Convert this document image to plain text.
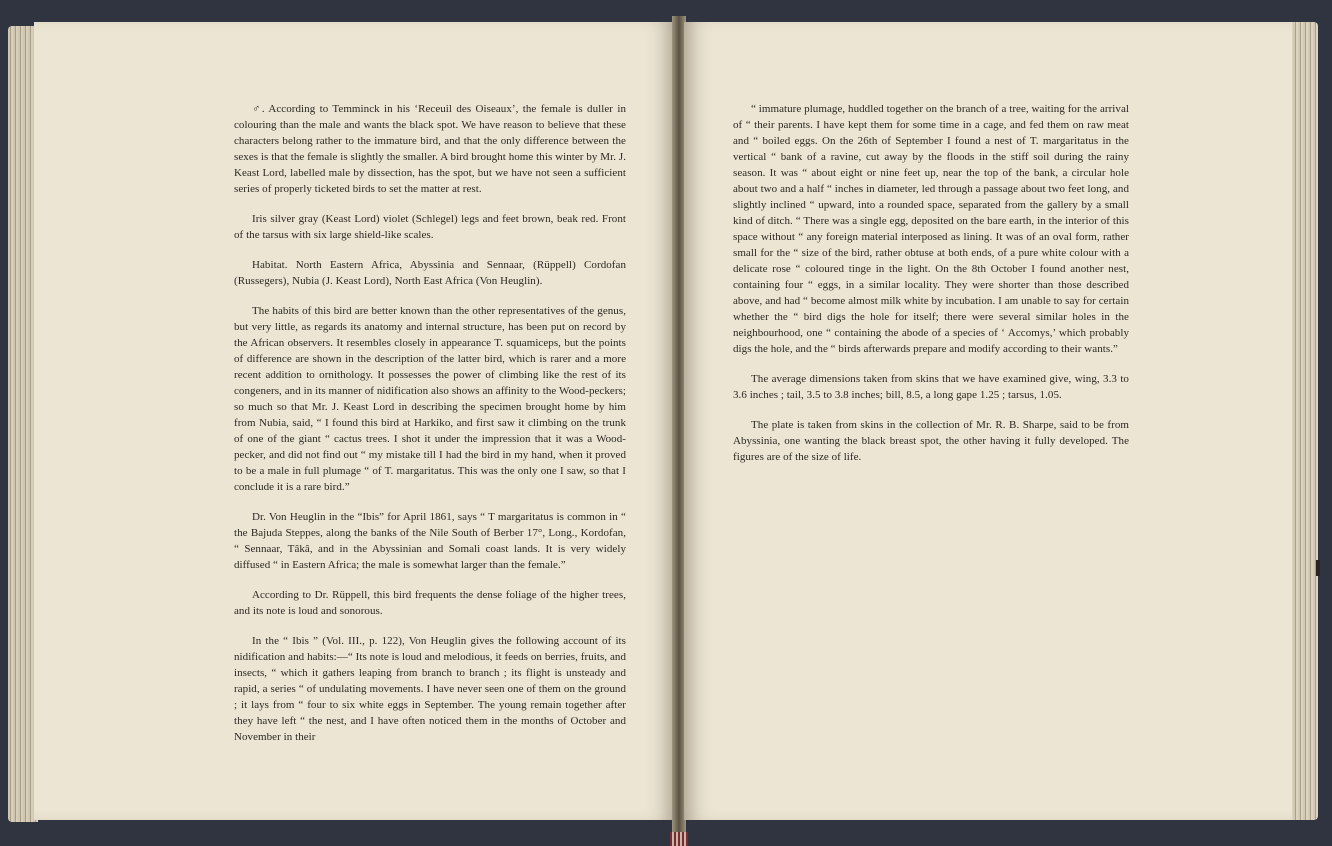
♂. According to Temminck in his ‘Receuil des Oiseaux’, the female is duller in colouring than the male and wants the black spot. We have reason to believe that these characters belong rather to the immature bird, and that the only difference between the sexes is that the female is slightly the smaller. A bird brought home this winter by Mr. J. Keast Lord, labelled male by dissection, has the spot, but we have not seen a sufficient series of properly ticketed birds to set the matter at rest.

Iris silver gray (Keast Lord) violet (Schlegel) legs and feet brown, beak red. Front of the tarsus with six large shield-like scales.

Habitat. North Eastern Africa, Abyssinia and Sennaar, (Rüppell) Cordofan (Russegers), Nubia (J. Keast Lord), North East Africa (Von Heuglin).

The habits of this bird are better known than the other representatives of the genus, but very little, as regards its anatomy and internal structure, has been put on record by the African observers. It resembles closely in appearance T. squamiceps, but the points of difference are shown in the description of the latter bird, which is rarer and a more recent addition to ornithology. It possesses the power of climbing like the rest of its congeners, and in its manner of nidification also shows an affinity to the Wood-peckers; so much so that Mr. J. Keast Lord in describing the specimen brought home by him from Nubia, said, “ I found this bird at Harkiko, and first saw it climbing on the trunk of one of the giant “ cactus trees. I shot it under the impression that it was a Wood-pecker, and did not find out “ my mistake till I had the bird in my hand, when it proved to be a male in full plumage “ of T. margaritatus. This was the only one I saw, so that I conclude it is a rare bird.”

Dr. Von Heuglin in the “Ibis” for April 1861, says “ T margaritatus is common in “ the Bajuda Steppes, along the banks of the Nile South of Berber 17°, Long., Kordofan, “ Sennaar, Tâkâ, and in the Abyssinian and Somali coast lands. It is very widely diffused “ in Eastern Africa; the male is somewhat larger than the female.”

According to Dr. Rüppell, this bird frequents the dense foliage of the higher trees, and its note is loud and sonorous.

In the “ Ibis ” (Vol. III., p. 122), Von Heuglin gives the following account of its nidification and habits:—“ Its note is loud and melodious, it feeds on berries, fruits, and insects, “ which it gathers leaping from branch to branch ; its flight is unsteady and rapid, a series “ of undulating movements. I have never seen one of them on the ground ; it lays from “ four to six white eggs in September. The young remain together after they have left “ the nest, and I have often noticed them in the months of October and November in their

“ immature plumage, huddled together on the branch of a tree, waiting for the arrival of “ their parents. I have kept them for some time in a cage, and fed them on raw meat and “ boiled eggs. On the 26th of September I found a nest of T. margaritatus in the vertical “ bank of a ravine, cut away by the floods in the stiff soil during the rainy season. It was “ about eight or nine feet up, near the top of the bank, a circular hole about two and a half “ inches in diameter, led through a passage about two feet long, and slightly inclined “ upward, into a rounded space, separated from the gallery by a small kind of ditch. “ There was a single egg, deposited on the bare earth, in the interior of this space without “ any foreign material interposed as lining. It was of an oval form, rather small for the “ size of the bird, rather obtuse at both ends, of a pure white colour with a delicate rose “ coloured tinge in the light. On the 8th October I found another nest, containing four “ eggs, in a similar locality. They were shorter than those described above, and had “ become almost milk white by incubation. I am unable to say for certain whether the “ bird digs the hole for itself; there were several similar holes in the neighbourhood, one “ containing the abode of a species of ‘ Accomys,’ which probably digs the hole, and the “ birds afterwards prepare and modify according to their wants.”

The average dimensions taken from skins that we have examined give, wing, 3.3 to 3.6 inches ; tail, 3.5 to 3.8 inches; bill, 8.5, a long gape 1.25 ; tarsus, 1.05.

The plate is taken from skins in the collection of Mr. R. B. Sharpe, said to be from Abyssinia, one wanting the black breast spot, the other having it fully developed. The figures are of the size of life.
